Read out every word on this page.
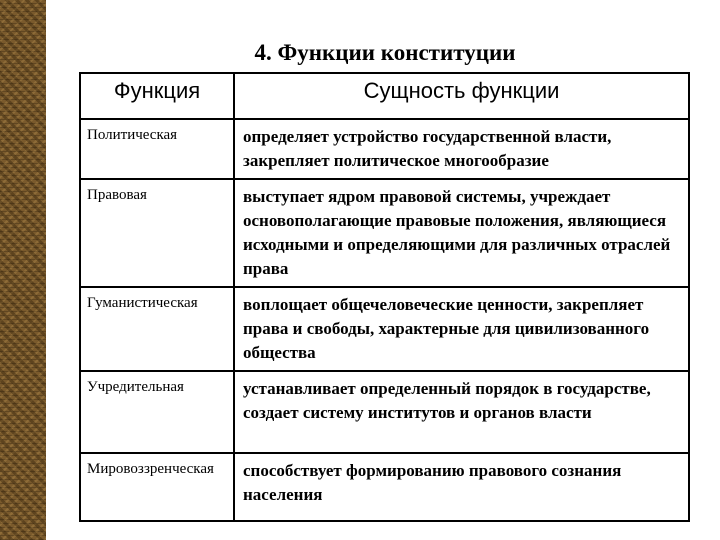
4. Функции конституции
Функция	Сущность функции
Политическая	определяет устройство государственной власти, закрепляет политическое многообразие
Правовая	выступает ядром правовой системы, учреждает основополагающие правовые положения, являющиеся исходными и определяющими для различных отраслей права
Гуманистическая	воплощает общечеловеческие ценности, закрепляет права и свободы, характерные для цивилизованного общества
Учредительная	устанавливает определенный порядок в государстве, создает систему институтов и органов власти
Мировоззренческая	способствует формированию правового сознания населения
